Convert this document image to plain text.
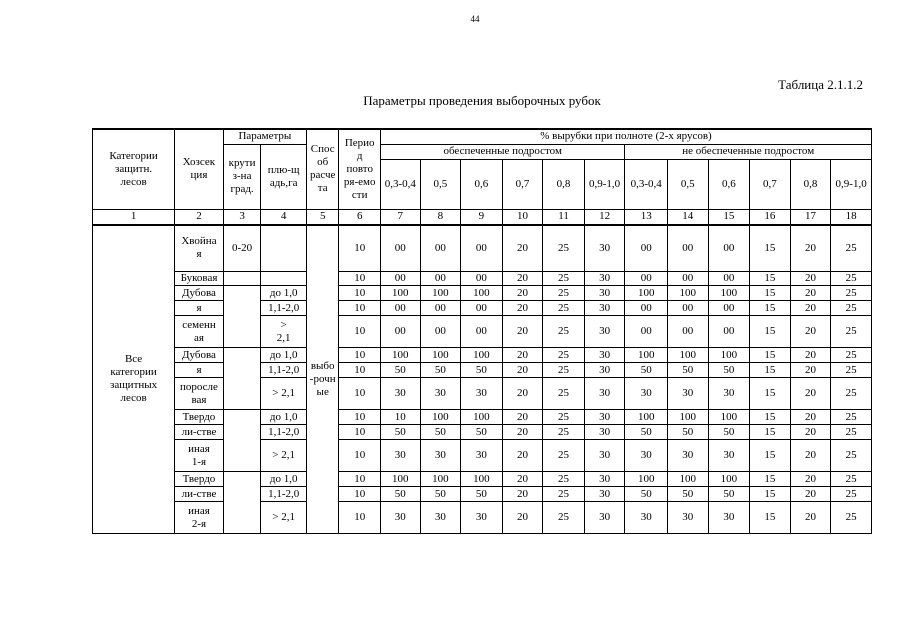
44
Таблица 2.1.1.2
Параметры проведения выборочных рубок
Категории
защитн.
лесов	Хозсек
ция	Параметры		Спос
об
расче
та	Перио
д
повто
ря-емо
сти	% вырубки при полноте (2-х ярусов)											
		крути
з-на
град.	плю-щ
адь,га			обеспеченные подростом						не обеспеченные подростом					
						0,3-0,4	0,5	0,6	0,7	0,8	0,9-1,0	0,3-0,4	0,5	0,6	0,7	0,8	0,9-1,0
1	2	3	4	5	6	7	8	9	10	11	12	13	14	15	16	17	18
Все
категории
защитных
лесов	Хвойна
я	0-20		выбо
-рочн
ые	10	00	00	00	20	25	30	00	00	00	15	20	25
	Буковая				10	00	00	00	20	25	30	00	00	00	15	20	25
	Дубова		до 1,0		10	100	100	100	20	25	30	100	100	100	15	20	25
	я		1,1-2,0		10	00	00	00	20	25	30	00	00	00	15	20	25
	семенн
ая		>
2,1		10	00	00	00	20	25	30	00	00	00	15	20	25
	Дубова		до 1,0		10	100	100	100	20	25	30	100	100	100	15	20	25
	я		1,1-2,0		10	50	50	50	20	25	30	50	50	50	15	20	25
	поросле
вая		> 2,1		10	30	30	30	20	25	30	30	30	30	15	20	25
	Твердо		до 1,0		10	10	100	100	20	25	30	100	100	100	15	20	25
	ли-стве		1,1-2,0		10	50	50	50	20	25	30	50	50	50	15	20	25
	иная
1-я		> 2,1		10	30	30	30	20	25	30	30	30	30	15	20	25
	Твердо		до 1,0		10	100	100	100	20	25	30	100	100	100	15	20	25
	ли-стве		1,1-2,0		10	50	50	50	20	25	30	50	50	50	15	20	25
	иная
2-я		> 2,1		10	30	30	30	20	25	30	30	30	30	15	20	25
